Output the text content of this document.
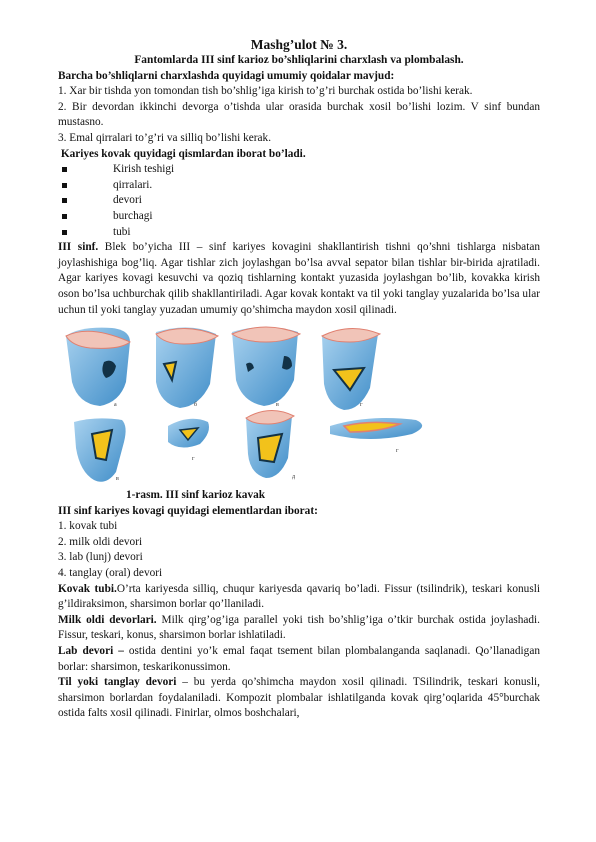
Mashg’ulot № 3.

Fantomlarda III sinf karioz bo’shliqlarini charxlash va plombalash.

Barcha bo’shliqlarni charxlashda quyidagi umumiy qoidalar mavjud:

1. Xar bir tishda yon tomondan tish bo’shlig’iga kirish to’g’ri burchak ostida bo’lishi kerak.

2. Bir devordan ikkinchi devorga o’tishda ular orasida burchak xosil bo’lishi lozim. V sinf bundan mustasno.

3. Emal qirralari to’g’ri va silliq bo’lishi kerak.

Kariyes kovak quyidagi qismlardan iborat bo’ladi.

Kirish teshigi
qirralari.
devori
burchagi
tubi

III sinf. Blek bo’yicha III – sinf kariyes kovagini shakllantirish tishni qo’shni tishlarga nisbatan joylashishiga bog’liq. Agar tishlar zich joylashgan bo’lsa avval sepator bilan tishlar bir-birida ajratiladi. Agar kariyes kovagi kesuvchi va qoziq tishlarning kontakt yuzasida joylashgan bo’lib, kovakka kirish oson bo’lsa uchburchak qilib shakllantiriladi. Agar kovak kontakt va til yoki tanglay yuzalarida bo’lsa ular uchun til yoki tanglay yuzadan umumiy qo’shimcha maydon xosil qilinadi.

a	б	в	г
в
г
д
г

1-rasm. III sinf karioz kavak

III sinf kariyes kovagi quyidagi elementlardan iborat:

1. kovak tubi
2. milk oldi devori
3. lab (lunj) devori
4. tanglay (oral) devori

Kovak tubi.O’rta kariyesda silliq, chuqur kariyesda qavariq bo’ladi. Fissur (tsilindrik), teskari konusli g’ildiraksimon, sharsimon borlar qo’llaniladi.

Milk oldi devorlari. Milk qirg’og’iga parallel yoki tish bo’shlig’iga o’tkir burchak ostida joylashadi. Fissur, teskari, konus, sharsimon borlar ishlatiladi.

Lab devori – ostida dentini yo’k emal faqat tsement bilan plombalanganda saqlanadi. Qo’llanadigan borlar: sharsimon, teskarikonussimon.

Til yoki tanglay devori – bu yerda qo’shimcha maydon xosil qilinadi. TSilindrik, teskari konusli, sharsimon borlardan foydalaniladi. Kompozit plombalar ishlatilganda kovak qirg’oqlarida 45°burchak ostida falts xosil qilinadi. Finirlar, olmos boshchalari,
